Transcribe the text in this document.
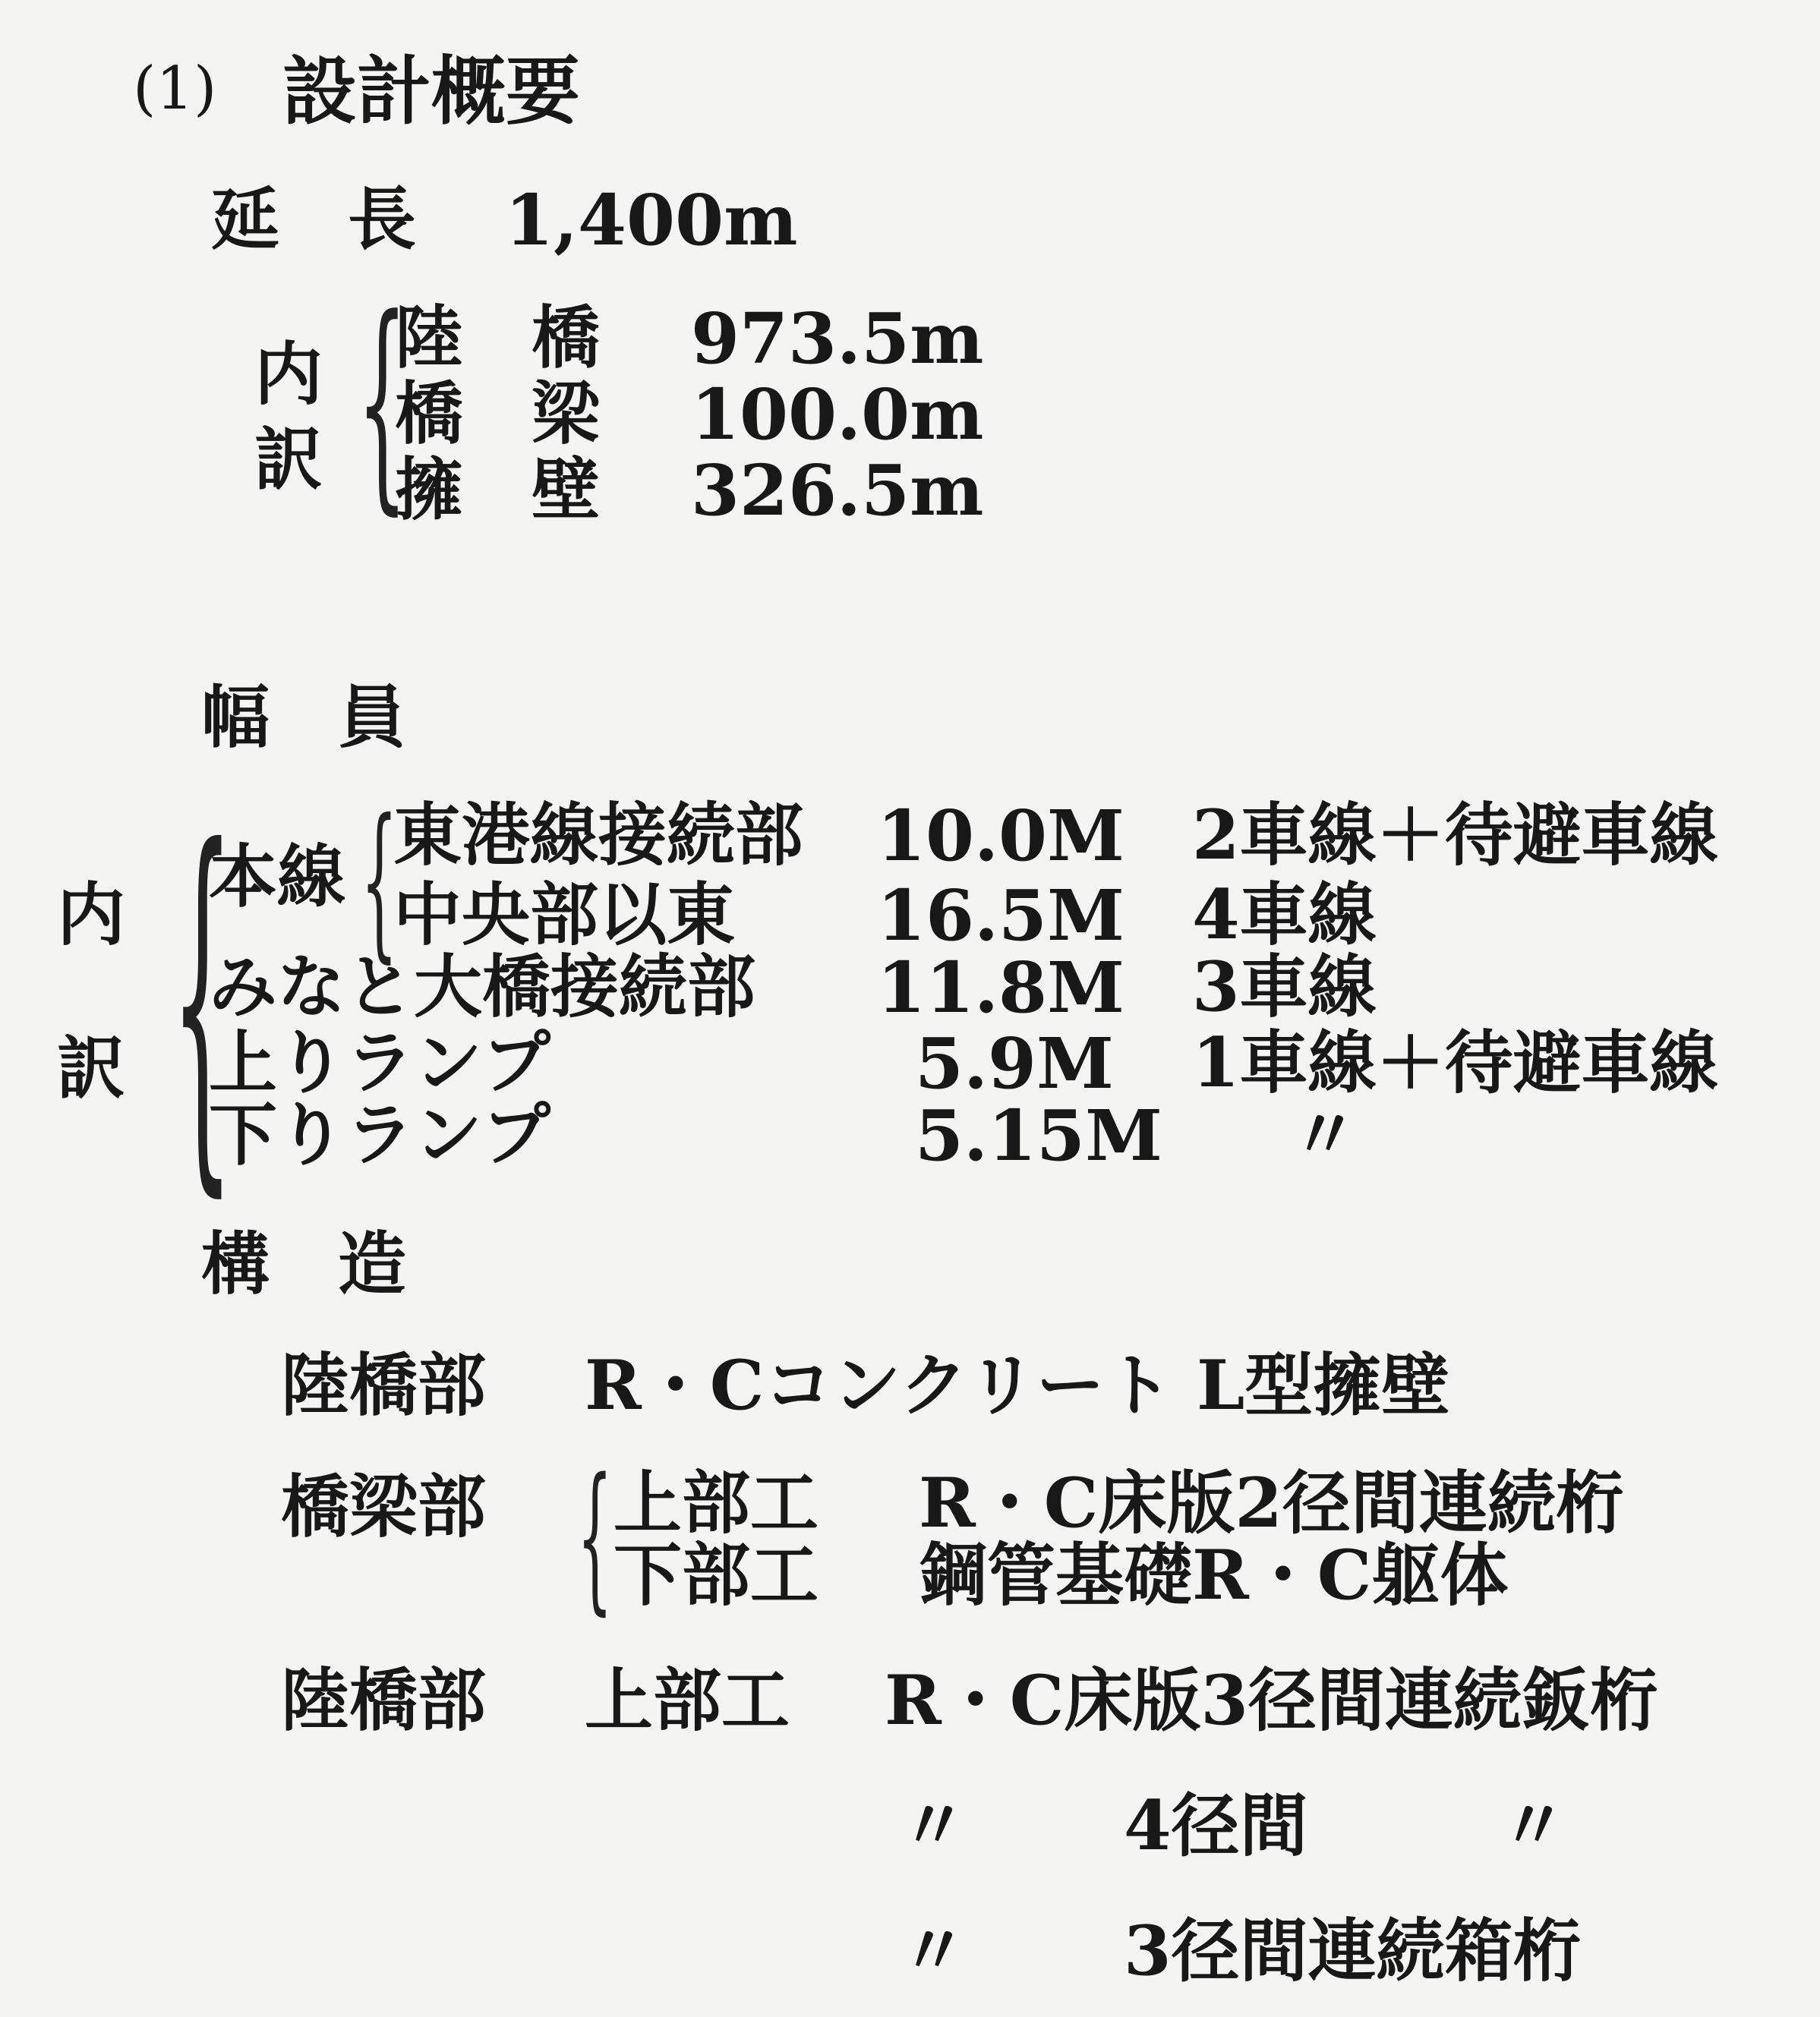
(1) 設計概要
延　長 1,400m
内
訳 {
陸　橋 973.5m
橋　梁 100.0m
擁　壁 326.5m
幅　員
内
訳 {
本線 {
東港線接続部 10.0M 2車線＋待避車線
中央部以東 16.5M 4車線
みなと大橋接続部 11.8M 3車線
上りランプ	5.9M 1車線＋待避車線
下りランプ	5.15M 〃
構　造
陸橋部 R・Cコンクリート L型擁壁
橋梁部 { 上部工 R・C床版2径間連続桁
下部工 鋼管基礎R・C躯体
陸橋部 上部工 R・C床版3径間連続鈑桁
〃 4径間	〃
〃 3径間連続箱桁
